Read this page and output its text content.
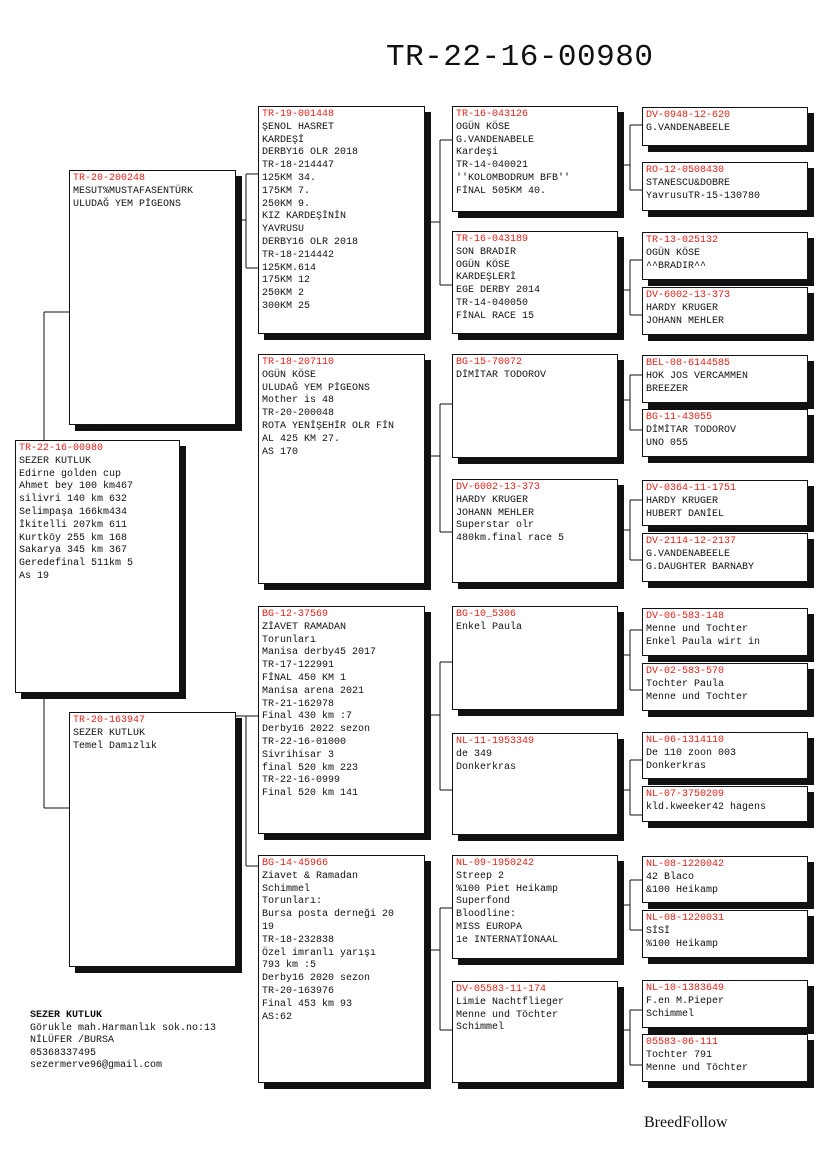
TR-22-16-00980
TR-22-16-00980
SEZER KUTLUK
Edirne golden cup
Ahmet bey 100 km467
silivri 140 km 632
Selimpaşa 166km434
İkitelli 207km 611
Kurtköy 255 km 168
Sakarya 345 km 367
Geredefinal 511km 5
As 19
TR-20-200248
MESUT%MUSTAFASENTÜRK
ULUDAĞ YEM PİGEONS
TR-20-163947
SEZER KUTLUK
Temel Damızlık
TR-19-001448
ŞENOL HASRET
KARDEŞİ
DERBY16 OLR 2018
TR-18-214447
125KM 34.
175KM 7.
250KM 9.
KIZ KARDEŞİNİN
YAVRUSU
DERBY16 OLR 2018
TR-18-214442
125KM.614
175KM 12
250KM 2
300KM 25
TR-18-207110
OGÜN KÖSE
ULUDAĞ YEM PİGEONS
Mother is 48
TR-20-200048
ROTA YENİŞEHİR OLR FİN
AL 425 KM 27.
AS 170
BG-12-37569
ZİAVET RAMADAN
Torunları
Manisa derby45 2017
TR-17-122991
FİNAL 450 KM 1
Manisa arena 2021
TR-21-162978
Final 430 km :7
Derby16 2022 sezon
TR-22-16-01000
Sivrihisar 3
final 520 km 223
TR-22-16-0999
Final 520 km 141
BG-14-45966
Ziavet & Ramadan
Schimmel
Torunları:
Bursa posta derneği 20
19
TR-18-232838
Özel imranlı yarışı
793 km :5
Derby16 2020 sezon
TR-20-163976
Final 453 km 93
AS:62
TR-16-043126
OGÜN KÖSE
G.VANDENABELE
Kardeşi
TR-14-040021
''KOLOMBODRUM BFB''
FİNAL 505KM 40.
TR-16-043189
SON BRADIR
OGÜN KÖSE
KARDEŞLERİ
EGE DERBY 2014
TR-14-040050
FİNAL RACE 15
BG-15-70072
DİMİTAR TODOROV
DV-6002-13-373
HARDY KRUGER
JOHANN MEHLER
Superstar olr
480km.final race 5
BG-10_5306
Enkel Paula
NL-11-1953349
de 349
Donkerkras
NL-09-1950242
Streep 2
%100 Piet Heikamp
Superfond
Bloodline:
MISS EUROPA
1e INTERNATİONAAL
DV-05583-11-174
Limie Nachtflieger
Menne und Töchter
Schimmel
DV-0948-12-620
G.VANDENABEELE
RO-12-0508430
STANESCU&DOBRE
YavrusuTR-15-130780
TR-13-025132
OGÜN KÖSE
^^BRADIR^^
DV-6002-13-373
HARDY KRUGER
JOHANN MEHLER
BEL-08-6144585
HOK JOS VERCAMMEN
BREEZER
BG-11-43055
DİMİTAR TODOROV
UNO 055
DV-0364-11-1751
HARDY KRUGER
HUBERT DANİEL
DV-2114-12-2137
G.VANDENABEELE
G.DAUGHTER BARNABY
DV-06-583-148
Menne und Tochter
Enkel Paula wirt in
DV-02-583-570
Tochter Paula
Menne und Tochter
NL-06-1314110
De 110 zoon 003
Donkerkras
NL-07-3750209
kld.kweeker42 hagens
NL-08-1220042
42 Blaco
&100 Heikamp
NL-08-1220031
SİSİ
%100 Heikamp
NL-10-1383649
F.en M.Pieper
Schimmel
05583-06-111
Tochter 791
Menne und Töchter
SEZER KUTLUK
Görukle mah.Harmanlık sok.no:13
NİLÜFER /BURSA
05368337495
sezermerve96@gmail.com
BreedFollow
